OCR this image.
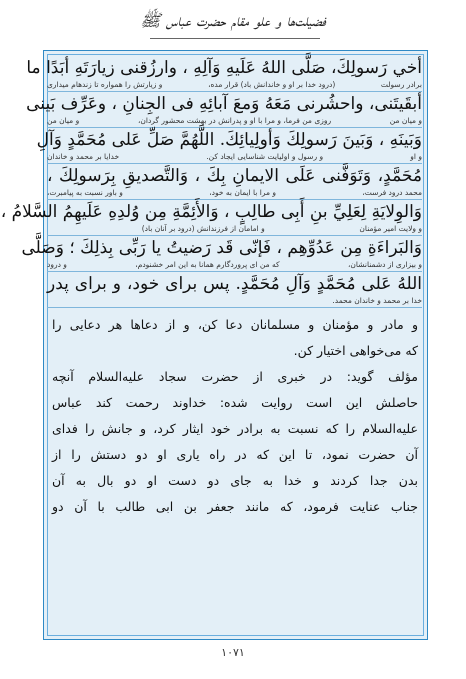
فضیلت‌ها و علو مقام حضرت عباس ﷺ
أخي رَسولِكَ، صَلَّى اللهُ عَلَيهِ وَآلِهِ ، وارزُقنى زيارَتَهِ أبَدًا ما
برادر رسولت
(درود خدا بر او و خاندانش باد) قرار مده،
و زیارتش را همواره تا زندهام میداری
أبقَيتَنى، واحشُرنى مَعَهُ وَمعَ آبائِهِ فى الجِنانِ ، وعَرِّف بَينى
و میان من
روزی من فرما، و مرا با او و پدرانش در بهشت محشور گردان،
و میان من
وَبَينَهِ ، وَبَينَ رَسولِكَ وَأولِيائِكَ. اللَّهُمَّ صَلِّ عَلى مُحَمَّدٍ وَآلِ
و او
و رسول و اولیایت شناسایی ایجاد کن.
خدایا بر محمد و خاندان
مُحَمَّدٍ، وَتَوَفَّنى عَلَى الايمانِ بِكَ ، وَالتَّصديقِ بِرَسولِكَ ،
محمد درود فرست،
و مرا با ایمان به خود،
و باور نسبت به پیامبرت،
وَالوِلايَةِ لِعَلِيِّ بنِ أَبِى طالِبٍ ، وَالأَئِمَّةِ مِن وُلدِهِ عَلَيهِمُ السَّلامُ ،
و ولایت امیر مؤمنان
و امامان از فرزندانش (درود بر آنان باد)
وَالبَراءَةِ مِن عَدُوِّهِم ، فَإنّى قَد رَضيتُ يا رَبِّى بِذلِكَ ؛ وَصَلَّى
و بیزاری از دشمنانشان،
که من ای پروردگارم همانا به این امر خشنودم،
و درود
اللهُ عَلى مُحَمَّدٍ وَآلِ مُحَمَّدٍ. پس برای خود، و برای پدر
خدا بر محمد و خاندان محمد.
و مادر و مؤمنان و مسلمانان دعا کن، و از دعاها هر دعایی را
که می‌خواهی اختیار کن.
مؤلف گوید: در خبری از حضرت سجاد علیه‌السلام آنچه
حاصلش این است روایت شده: خداوند رحمت کند عباس
علیه‌السلام را که نسبت به برادر خود ایثار کرد، و جانش را فدای
آن حضرت نمود، تا این که در راه یاری او دو دستش را از
بدن جدا کردند و خدا به جای دو دست او دو بال به آن
جناب عنایت فرمود، که مانند جعفر بن ابی طالب با آن دو
۱۰۷۱
